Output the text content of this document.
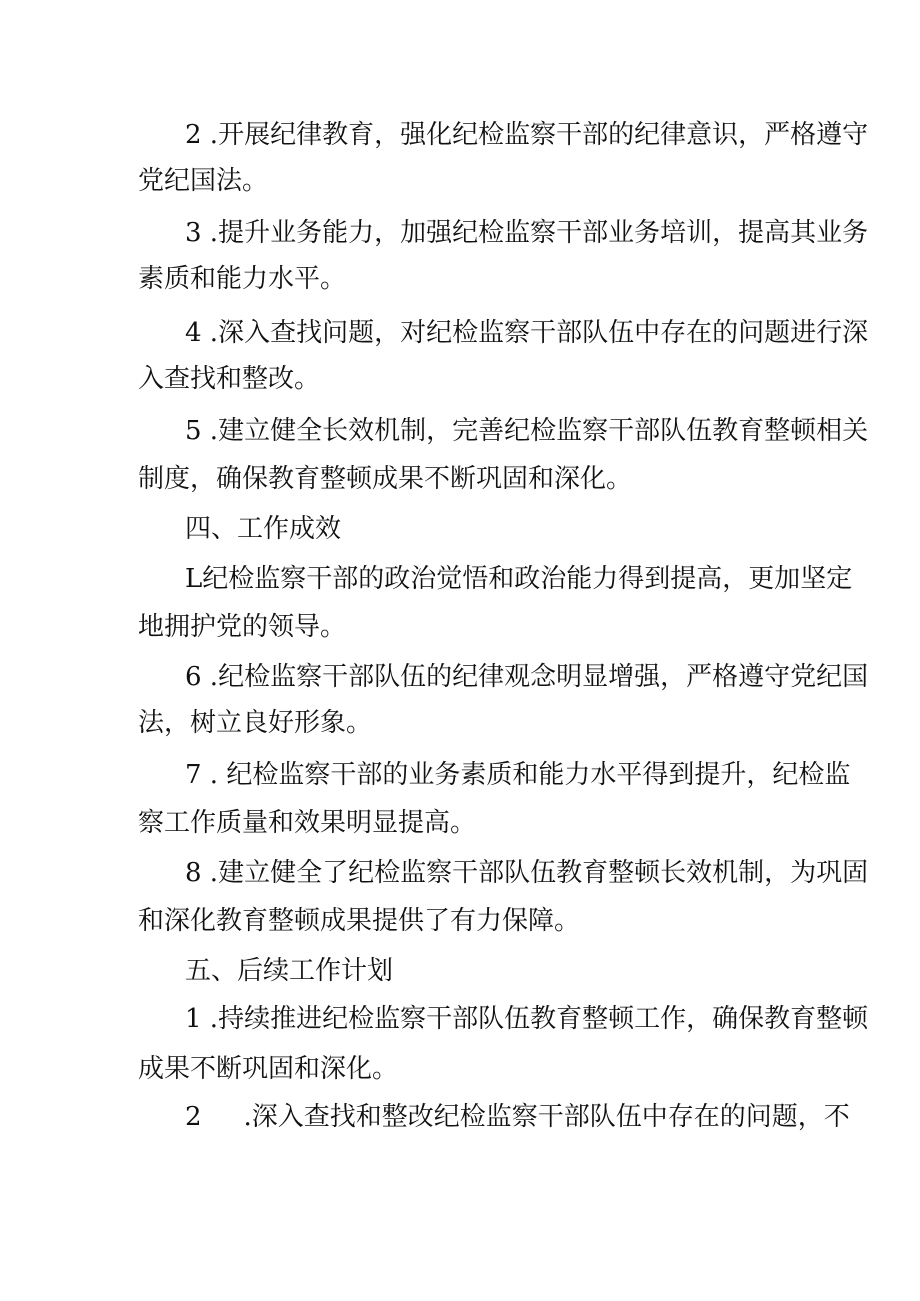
2 .开展纪律教育，强化纪检监察干部的纪律意识，严格遵守

党纪国法。

3 .提升业务能力，加强纪检监察干部业务培训，提高其业务

素质和能力水平。

4 .深入查找问题，对纪检监察干部队伍中存在的问题进行深

入查找和整改。

5 .建立健全长效机制，完善纪检监察干部队伍教育整顿相关

制度，确保教育整顿成果不断巩固和深化。

四、工作成效

L纪检监察干部的政治觉悟和政治能力得到提高，更加坚定

地拥护党的领导。

6 .纪检监察干部队伍的纪律观念明显增强，严格遵守党纪国

法，树立良好形象。

7 . 纪检监察干部的业务素质和能力水平得到提升，纪检监

察工作质量和效果明显提高。

8 .建立健全了纪检监察干部队伍教育整顿长效机制，为巩固

和深化教育整顿成果提供了有力保障。

五、后续工作计划

1 .持续推进纪检监察干部队伍教育整顿工作，确保教育整顿

成果不断巩固和深化。

2 .深入查找和整改纪检监察干部队伍中存在的问题，不
